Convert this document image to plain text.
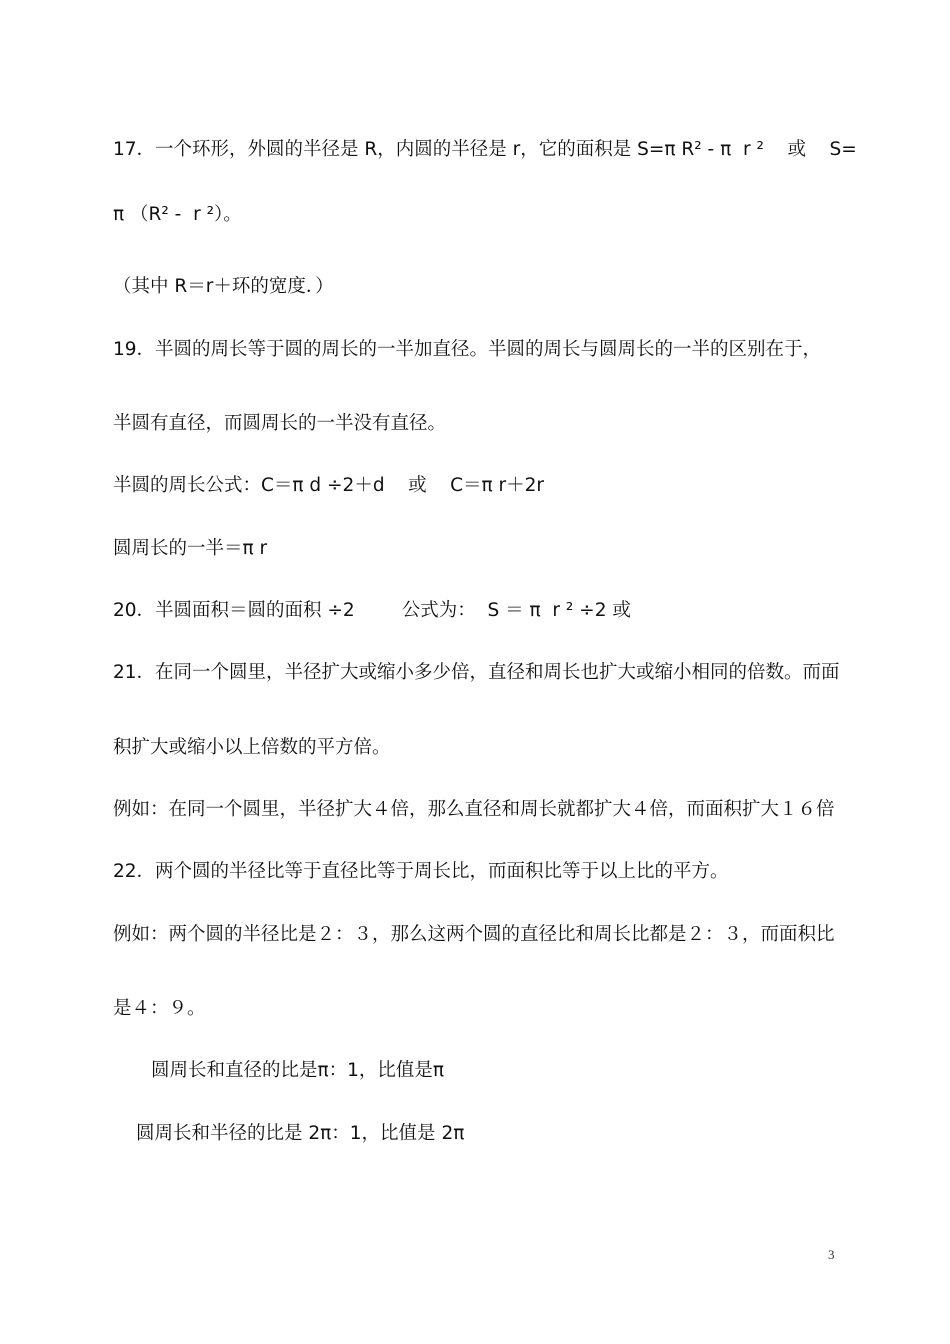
17．一个环形，外圆的半径是 R，内圆的半径是 r，它的面积是 S=π R² - π  r ²    或    S=
π （R² -  r ²）。
（其中 R＝r＋环的宽度．）
19．半圆的周长等于圆的周长的一半加直径。半圆的周长与圆周长的一半的区别在于，
半圆有直径，而圆周长的一半没有直径。
半圆的周长公式：C＝π d ÷2＋d    或    C＝π r＋2r
圆周长的一半＝π r
20．半圆面积＝圆的面积 ÷2        公式为：  S ＝ π  r ² ÷2 或
21．在同一个圆里，半径扩大或缩小多少倍，直径和周长也扩大或缩小相同的倍数。而面
积扩大或缩小以上倍数的平方倍。
例如：在同一个圆里，半径扩大４倍，那么直径和周长就都扩大４倍，而面积扩大１６倍
22．两个圆的半径比等于直径比等于周长比，而面积比等于以上比的平方。
例如：两个圆的半径比是２：３，那么这两个圆的直径比和周长比都是２：３，而面积比
是４：９。
圆周长和直径的比是π：1，比值是π
圆周长和半径的比是 2π：1，比值是 2π
3
